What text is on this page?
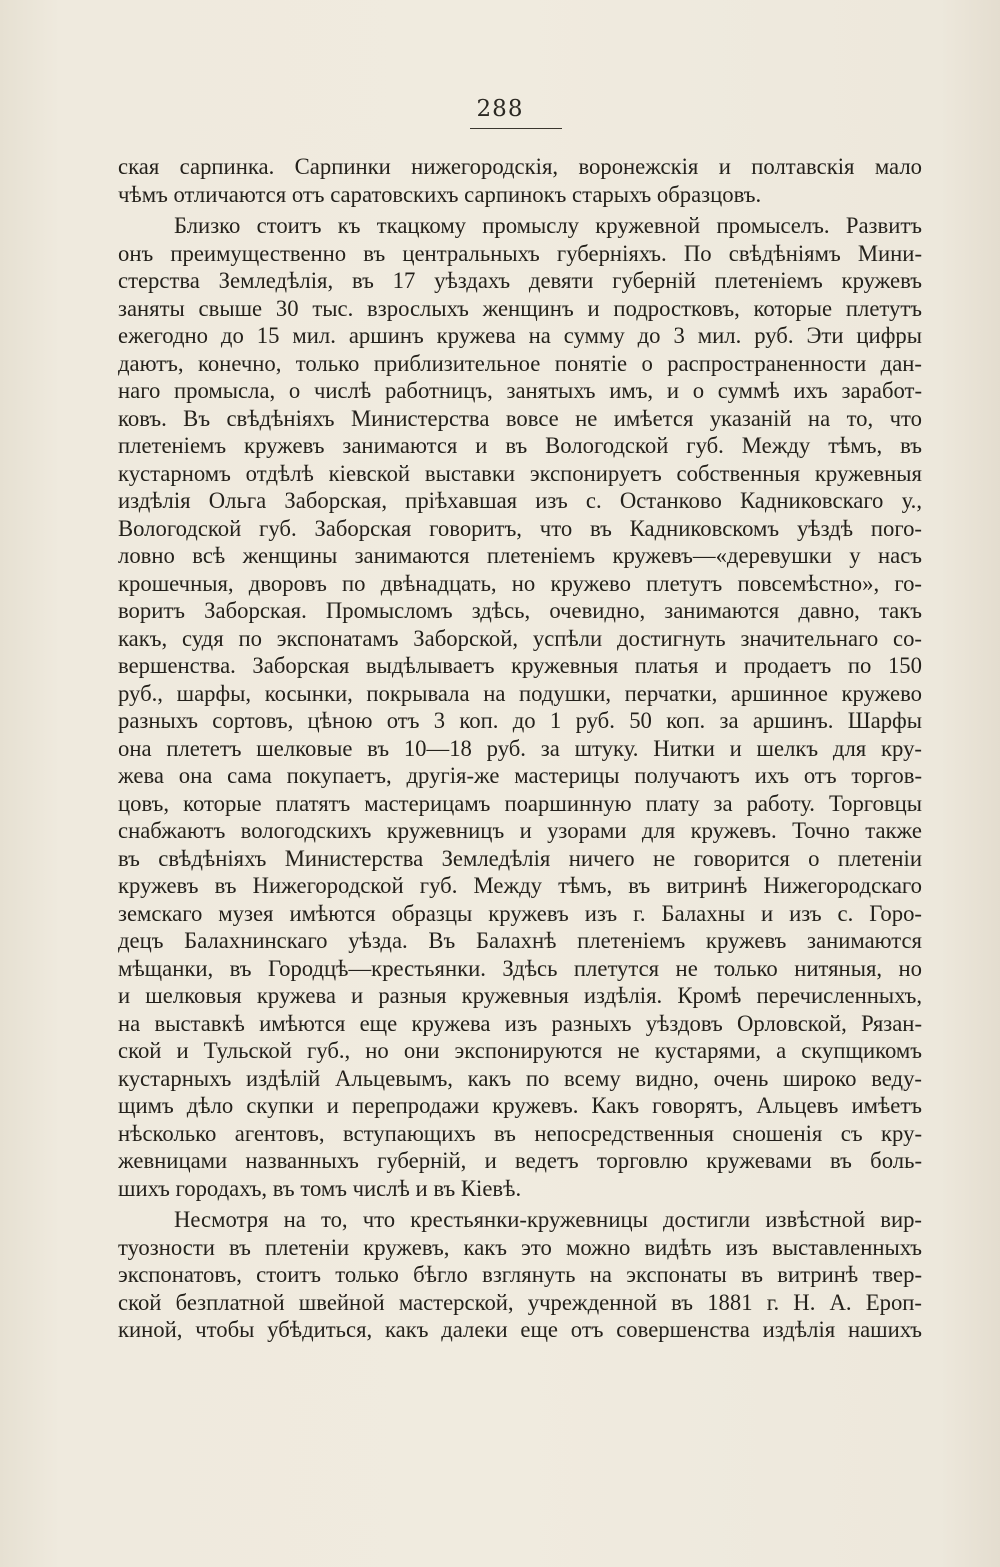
288
ская сарпинка. Сарпинки нижегородскія, воронежскія и полтавскія мало
чѣмъ отличаются отъ саратовскихъ сарпинокъ старыхъ образцовъ.
Близко стоитъ къ ткацкому промыслу кружевной промыселъ. Развитъ
онъ преимущественно въ центральныхъ губерніяхъ. По свѣдѣніямъ Мини-
стерства Земледѣлія, въ 17 уѣздахъ девяти губерній плетеніемъ кружевъ
заняты свыше 30 тыс. взрослыхъ женщинъ и подростковъ, которые плетутъ
ежегодно до 15 мил. аршинъ кружева на сумму до 3 мил. руб. Эти цифры
даютъ, конечно, только приблизительное понятіе о распространенности дан-
наго промысла, о числѣ работницъ, занятыхъ имъ, и о суммѣ ихъ заработ-
ковъ. Въ свѣдѣніяхъ Министерства вовсе не имѣется указаній на то, что
плетеніемъ кружевъ занимаются и въ Вологодской губ. Между тѣмъ, въ
кустарномъ отдѣлѣ кіевской выставки экспонируетъ собственныя кружевныя
издѣлія Ольга Заборская, пріѣхавшая изъ с. Останково Кадниковскаго у.,
Вологодской губ. Заборская говоритъ, что въ Кадниковскомъ уѣздѣ пого-
ловно всѣ женщины занимаются плетеніемъ кружевъ—«деревушки у насъ
крошечныя, дворовъ по двѣнадцать, но кружево плетутъ повсемѣстно», го-
воритъ Заборская. Промысломъ здѣсь, очевидно, занимаются давно, такъ
какъ, судя по экспонатамъ Заборской, успѣли достигнуть значительнаго со-
вершенства. Заборская выдѣлываетъ кружевныя платья и продаетъ по 150
руб., шарфы, косынки, покрывала на подушки, перчатки, аршинное кружево
разныхъ сортовъ, цѣною отъ 3 коп. до 1 руб. 50 коп. за аршинъ. Шарфы
она плететъ шелковые въ 10—18 руб. за штуку. Нитки и шелкъ для кру-
жева она сама покупаетъ, другія-же мастерицы получаютъ ихъ отъ торгов-
цовъ, которые платятъ мастерицамъ поаршинную плату за работу. Торговцы
снабжаютъ вологодскихъ кружевницъ и узорами для кружевъ. Точно также
въ свѣдѣніяхъ Министерства Земледѣлія ничего не говорится о плетеніи
кружевъ въ Нижегородской губ. Между тѣмъ, въ витринѣ Нижегородскаго
земскаго музея имѣются образцы кружевъ изъ г. Балахны и изъ с. Горо-
децъ Балахнинскаго уѣзда. Въ Балахнѣ плетеніемъ кружевъ занимаются
мѣщанки, въ Городцѣ—крестьянки. Здѣсь плетутся не только нитяныя, но
и шелковыя кружева и разныя кружевныя издѣлія. Кромѣ перечисленныхъ,
на выставкѣ имѣются еще кружева изъ разныхъ уѣздовъ Орловской, Рязан-
ской и Тульской губ., но они экспонируются не кустарями, а скупщикомъ
кустарныхъ издѣлій Альцевымъ, какъ по всему видно, очень широко веду-
щимъ дѣло скупки и перепродажи кружевъ. Какъ говорятъ, Альцевъ имѣетъ
нѣсколько агентовъ, вступающихъ въ непосредственныя сношенія съ кру-
жевницами названныхъ губерній, и ведетъ торговлю кружевами въ боль-
шихъ городахъ, въ томъ числѣ и въ Кіевѣ.
Несмотря на то, что крестьянки-кружевницы достигли извѣстной вир-
туозности въ плетеніи кружевъ, какъ это можно видѣть изъ выставленныхъ
экспонатовъ, стоитъ только бѣгло взглянуть на экспонаты въ витринѣ твер-
ской безплатной швейной мастерской, учрежденной въ 1881 г. Н. А. Ероп-
киной, чтобы убѣдиться, какъ далеки еще отъ совершенства издѣлія нашихъ
